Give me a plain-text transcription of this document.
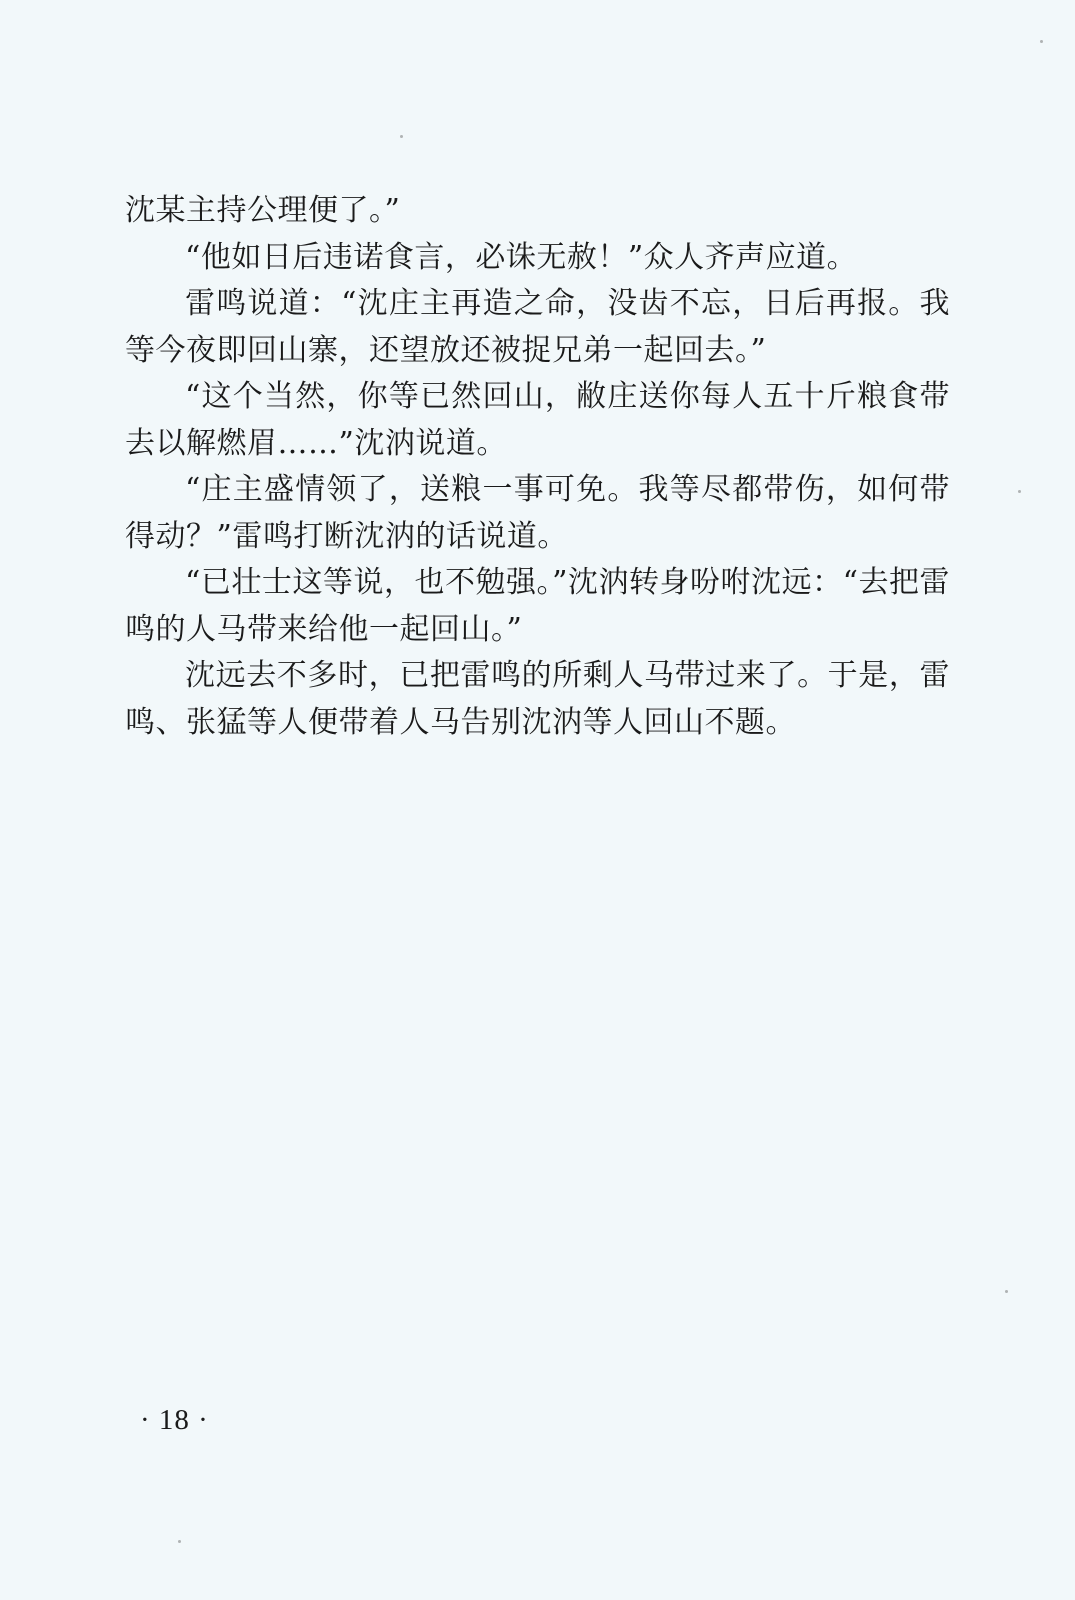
沈某主持公理便了。”

“他如日后违诺食言，必诛无赦！”众人齐声应道。

雷鸣说道：“沈庄主再造之命，没齿不忘，日后再报。我等今夜即回山寨，还望放还被捉兄弟一起回去。”

“这个当然，你等已然回山，敝庄送你每人五十斤粮食带去以解燃眉……”沈汭说道。

“庄主盛情领了，送粮一事可免。我等尽都带伤，如何带得动？”雷鸣打断沈汭的话说道。

“已壮士这等说，也不勉强。”沈汭转身吩咐沈远：“去把雷鸣的人马带来给他一起回山。”

沈远去不多时，已把雷鸣的所剩人马带过来了。于是，雷鸣、张猛等人便带着人马告别沈汭等人回山不题。

· 18 ·
